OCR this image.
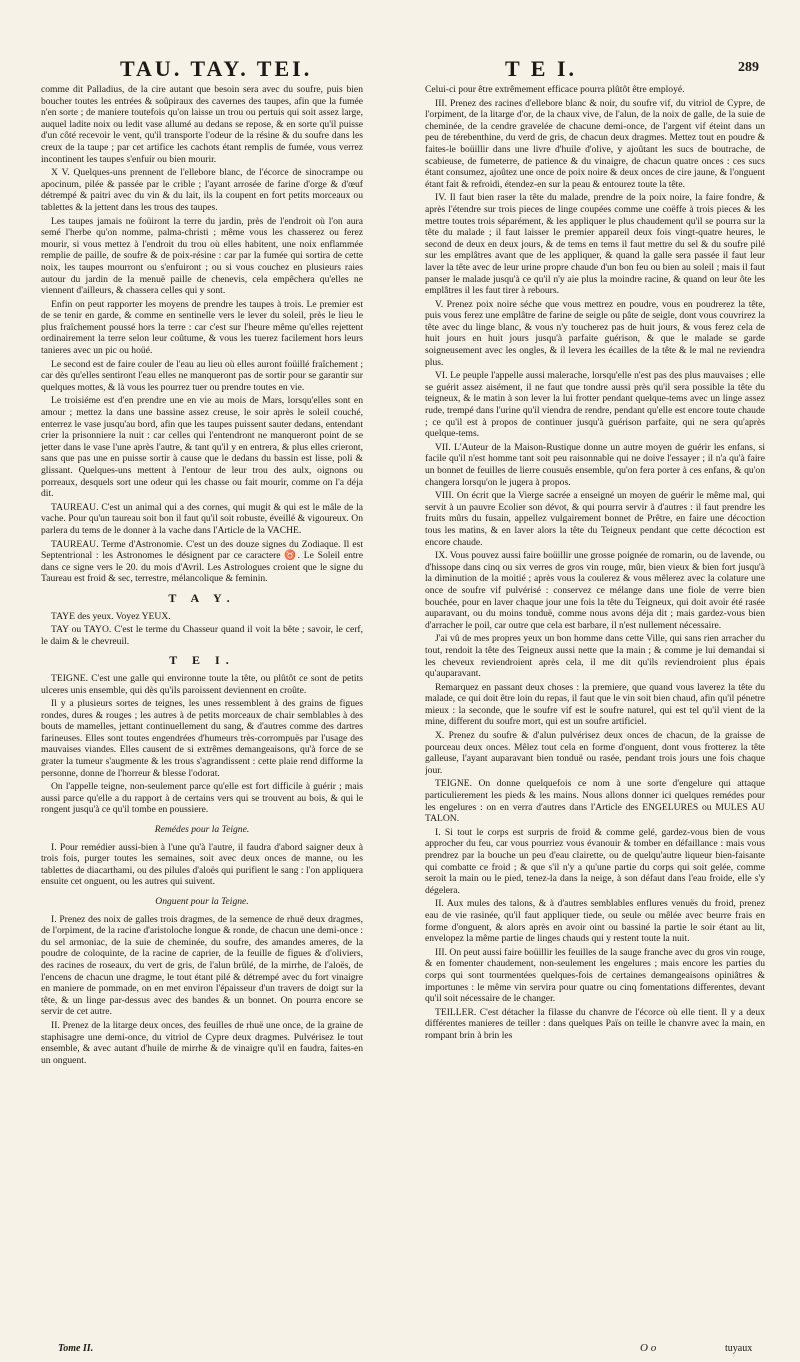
TAU. TAY. TEI.	T E I.	289

comme dit Palladius, de la cire autant que besoin sera avec du soufre, puis bien boucher toutes les entrées & soûpiraux des cavernes des taupes, afin que la fumée n'en sorte ; de maniere toutefois qu'on laisse un trou ou pertuis qui soit assez large, auquel ladite noix ou ledit vase allumé au dedans se repose, & en sorte qu'il puisse d'un côté recevoir le vent, qu'il transporte l'odeur de la résine & du soufre dans les creux de la taupe ; par cet artifice les cachots étant remplis de fumée, vous verrez incontinent les taupes s'enfuir ou bien mourir.

X V. Quelques-uns prennent de l'ellebore blanc, de l'écorce de sinocrampe ou apocinum, pilée & passée par le crible ; l'ayant arrosée de farine d'orge & d'œuf détrempé & paitri avec du vin & du lait, ils la coupent en fort petits morceaux ou tablettes & la jettent dans les trous des taupes.

Les taupes jamais ne foüiront la terre du jardin, près de l'endroit où l'on aura semé l'herbe qu'on nomme, palma-christi ; même vous les chasserez ou ferez mourir, si vous mettez à l'endroit du trou où elles habitent, une noix enflammée remplie de paille, de soufre & de poix-résine : car par la fumée qui sortira de cette noix, les taupes mourront ou s'enfuiront ; ou si vous couchez en plusieurs raies autour du jardin de la menuë paille de chenevis, cela empêchera qu'elles ne viennent d'ailleurs, & chassera celles qui y sont.

Enfin on peut rapporter les moyens de prendre les taupes à trois. Le premier est de se tenir en garde, & comme en sentinelle vers le lever du soleil, près le lieu le plus fraîchement poussé hors la terre : car c'est sur l'heure même qu'elles rejettent ordinairement la terre selon leur coûtume, & vous les tuerez facilement hors leurs tanieres avec un pic ou hoüé.

Le second est de faire couler de l'eau au lieu où elles auront foüillé fraîchement ; car dès qu'elles sentiront l'eau elles ne manqueront pas de sortir pour se garantir sur quelques mottes, & là vous les pourrez tuer ou prendre toutes en vie.

Le troisiéme est d'en prendre une en vie au mois de Mars, lorsqu'elles sont en amour ; mettez la dans une bassine assez creuse, le soir après le soleil couché, enterrez le vase jusqu'au bord, afin que les taupes puissent sauter dedans, entendant crier la prisonniere la nuit : car celles qui l'entendront ne manqueront point de se jetter dans le vase l'une après l'autre, & tant qu'il y en entrera, & plus elles crieront, sans que pas une en puisse sortir à cause que le dedans du bassin est lisse, poli & glissant. Quelques-uns mettent à l'entour de leur trou des aulx, oignons ou porreaux, desquels sort une odeur qui les chasse ou fait mourir, comme on l'a déja dit.

TAUREAU. C'est un animal qui a des cornes, qui mugit & qui est le mâle de la vache. Pour qu'un taureau soit bon il faut qu'il soit robuste, éveillé & vigoureux. On parlera du tems de le donner à la vache dans l'Article de la VACHE.

TAUREAU. Terme d'Astronomie. C'est un des douze signes du Zodiaque. Il est Septentrional : les Astronomes le désignent par ce caractere ♉. Le Soleil entre dans ce signe vers le 20. du mois d'Avril. Les Astrologues croient que le signe du Taureau est froid & sec, terrestre, mélancolique & feminin.

T A Y.

TAYE des yeux. Voyez YEUX.

TAY ou TAYO. C'est le terme du Chasseur quand il voit la bête ; savoir, le cerf, le daim & le chevreuil.

T E I.

TEIGNE. C'est une galle qui environne toute la tête, ou plûtôt ce sont de petits ulceres unis ensemble, qui dès qu'ils paroissent deviennent en croûte.

Il y a plusieurs sortes de teignes, les unes ressemblent à des grains de figues rondes, dures & rouges ; les autres à de petits morceaux de chair semblables à des bouts de mamelles, jettant continuellement du sang, & d'autres comme des dartres farineuses. Elles sont toutes engendrées d'humeurs très-corrompuës par l'usage des mauvaises viandes. Elles causent de si extrêmes demangeaisons, qu'à force de se grater la tumeur s'augmente & les trous s'agrandissent : cette plaie rend difforme la personne, donne de l'horreur & blesse l'odorat.

On l'appelle teigne, non-seulement parce qu'elle est fort difficile à guérir ; mais aussi parce qu'elle a du rapport à de certains vers qui se trouvent au bois, & qui le rongent jusqu'à ce qu'il tombe en poussiere.

Remédes pour la Teigne.

I. Pour remédier aussi-bien à l'une qu'à l'autre, il faudra d'abord saigner deux à trois fois, purger toutes les semaines, soit avec deux onces de manne, ou les tablettes de diacarthami, ou des pilules d'aloës qui purifient le sang : l'on appliquera ensuite cet onguent, ou les autres qui suivent.

Onguent pour la Teigne.

I. Prenez des noix de galles trois dragmes, de la semence de rhuë deux dragmes, de l'orpiment, de la racine d'aristoloche longue & ronde, de chacun une demi-once : du sel armoniac, de la suie de cheminée, du soufre, des amandes ameres, de la poudre de coloquinte, de la racine de caprier, de la feuille de figues & d'oliviers, des racines de roseaux, du vert de gris, de l'alun brûlé, de la mirrhe, de l'aloës, de l'encens de chacun une dragme, le tout étant pilé & détrempé avec du fort vinaigre en maniere de pommade, on en met environ l'épaisseur d'un travers de doigt sur la tête, & un linge par-dessus avec des bandes & un bonnet. On pourra encore se servir de cet autre.

II. Prenez de la litarge deux onces, des feuilles de rhuë une once, de la graine de staphisagre une demi-once, du vitriol de Cypre deux dragmes. Pulvérisez le tout ensemble, & avec autant d'huile de mirrhe & de vinaigre qu'il en faudra, faites-en un onguent.

Celui-ci pour être extrêmement efficace pourra plûtôt être employé.

III. Prenez des racines d'ellebore blanc & noir, du soufre vif, du vitriol de Cypre, de l'orpiment, de la litarge d'or, de la chaux vive, de l'alun, de la noix de galle, de la suie de cheminée, de la cendre gravelée de chacune demi-once, de l'argent vif éteint dans un peu de térebenthine, du verd de gris, de chacun deux dragmes. Mettez tout en poudre & faites-le boüillir dans une livre d'huile d'olive, y ajoûtant les sucs de boutrache, de scabieuse, de fumeterre, de patience & du vinaigre, de chacun quatre onces : ces sucs étant consumez, ajoûtez une once de poix noire & deux onces de cire jaune, & l'onguent étant fait & refroidi, étendez-en sur la peau & entourez toute la tête.

IV. Il faut bien raser la tête du malade, prendre de la poix noire, la faire fondre, & après l'étendre sur trois pieces de linge coupées comme une coëffe à trois pieces & les mettre toutes trois séparément, & les appliquer le plus chaudement qu'il se pourra sur la tête du malade ; il faut laisser le premier appareil deux fois vingt-quatre heures, le second de deux en deux jours, & de tems en tems il faut mettre du sel & du soufre pilé sur les emplâtres avant que de les appliquer, & quand la galle sera passée il faut leur laver la tête avec de leur urine propre chaude d'un bon feu ou bien au soleil ; mais il faut panser le malade jusqu'à ce qu'il n'y aie plus la moindre racine, & quand on leur ôte les emplâtres il les faut tirer à rebours.

V. Prenez poix noire séche que vous mettrez en poudre, vous en poudrerez la tête, puis vous ferez une emplâtre de farine de seigle ou pâte de seigle, dont vous couvrirez la tête avec du linge blanc, & vous n'y toucherez pas de huit jours, & vous ferez cela de huit jours en huit jours jusqu'à parfaite guérison, & que le malade se garde soigneusement avec les ongles, & il levera les écailles de la tête & le mal ne reviendra plus.

VI. Le peuple l'appelle aussi malerache, lorsqu'elle n'est pas des plus mauvaises ; elle se guérit assez aisément, il ne faut que tondre aussi près qu'il sera possible la tête du teigneux, & le matin à son lever la lui frotter pendant quelque-tems avec un linge assez rude, trempé dans l'urine qu'il viendra de rendre, pendant qu'elle est encore toute chaude ; ce qu'il est à propos de continuer jusqu'à guérison parfaite, qui ne sera qu'après quelque-tems.

VII. L'Auteur de la Maison-Rustique donne un autre moyen de guérir les enfans, si facile qu'il n'est homme tant soit peu raisonnable qui ne doive l'essayer ; il n'a qu'à faire un bonnet de feuilles de lierre cousuës ensemble, qu'on fera porter à ces enfans, & qu'on changera lorsqu'on le jugera à propos.

VIII. On écrit que la Vierge sacrée a enseigné un moyen de guérir le même mal, qui servit à un pauvre Ecolier son dévot, & qui pourra servir à d'autres : il faut prendre les fruits mûrs du fusain, appellez vulgairement bonnet de Prêtre, en faire une décoction tous les matins, & en laver alors la tête du Teigneux pendant que cette décoction est encore chaude.

IX. Vous pouvez aussi faire boüillir une grosse poignée de romarin, ou de lavende, ou d'hissope dans cinq ou six verres de gros vin rouge, mûr, bien vieux & bien fort jusqu'à la diminution de la moitié ; après vous la coulerez & vous mêlerez avec la colature une once de soufre vif pulvérisé : conservez ce mélange dans une fiole de verre bien bouchée, pour en laver chaque jour une fois la tête du Teigneux, qui doit avoir été rasée auparavant, ou du moins tonduë, comme nous avons déja dit ; mais gardez-vous bien d'arracher le poil, car outre que cela est barbare, il n'est nullement nécessaire.

J'ai vû de mes propres yeux un bon homme dans cette Ville, qui sans rien arracher du tout, rendoit la tête des Teigneux aussi nette que la main ; & comme je lui demandai si les cheveux reviendroient après cela, il me dit qu'ils reviendroient plus épais qu'auparavant.

Remarquez en passant deux choses : la premiere, que quand vous laverez la tête du malade, ce qui doit être loin du repas, il faut que le vin soit bien chaud, afin qu'il pénetre mieux : la seconde, que le soufre vif est le soufre naturel, qui est tel qu'il vient de la mine, different du soufre mort, qui est un soufre artificiel.

X. Prenez du soufre & d'alun pulvérisez deux onces de chacun, de la graisse de pourceau deux onces. Mêlez tout cela en forme d'onguent, dont vous frotterez la tête galleuse, l'ayant auparavant bien tonduë ou rasée, pendant trois jours une fois chaque jour.

TEIGNE. On donne quelquefois ce nom à une sorte d'engelure qui attaque particulierement les pieds & les mains. Nous allons donner ici quelques remédes pour les engelures : on en verra d'autres dans l'Article des ENGELURES ou MULES AU TALON.

I. Si tout le corps est surpris de froid & comme gelé, gardez-vous bien de vous approcher du feu, car vous pourriez vous évanouir & tomber en défaillance : mais vous prendrez par la bouche un peu d'eau clairette, ou de quelqu'autre liqueur bien-faisante qui combatte ce froid ; & que s'il n'y a qu'une partie du corps qui soit gelée, comme seroit la main ou le pied, tenez-la dans la neige, à son défaut dans l'eau froide, elle s'y dégelera.

II. Aux mules des talons, & à d'autres semblables enflures venuës du froid, prenez eau de vie rasinée, qu'il faut appliquer tiede, ou seule ou mêlée avec beurre frais en forme d'onguent, & alors après en avoir oint ou bassiné la partie le soir étant au lit, envelopez la même partie de linges chauds qui y restent toute la nuit.

III. On peut aussi faire boüillir les feuilles de la sauge franche avec du gros vin rouge, & en fomenter chaudement, non-seulement les engelures ; mais encore les parties du corps qui sont tourmentées quelques-fois de certaines demangeaisons opiniâtres & importunes : le même vin servira pour quatre ou cinq fomentations differentes, devant qu'il soit nécessaire de le changer.

TEILLER. C'est détacher la filasse du chanvre de l'écorce où elle tient. Il y a deux différentes manieres de teiller : dans quelques Païs on teille le chanvre avec la main, en rompant brin à brin les

Tome II.	O o	tuyaux
